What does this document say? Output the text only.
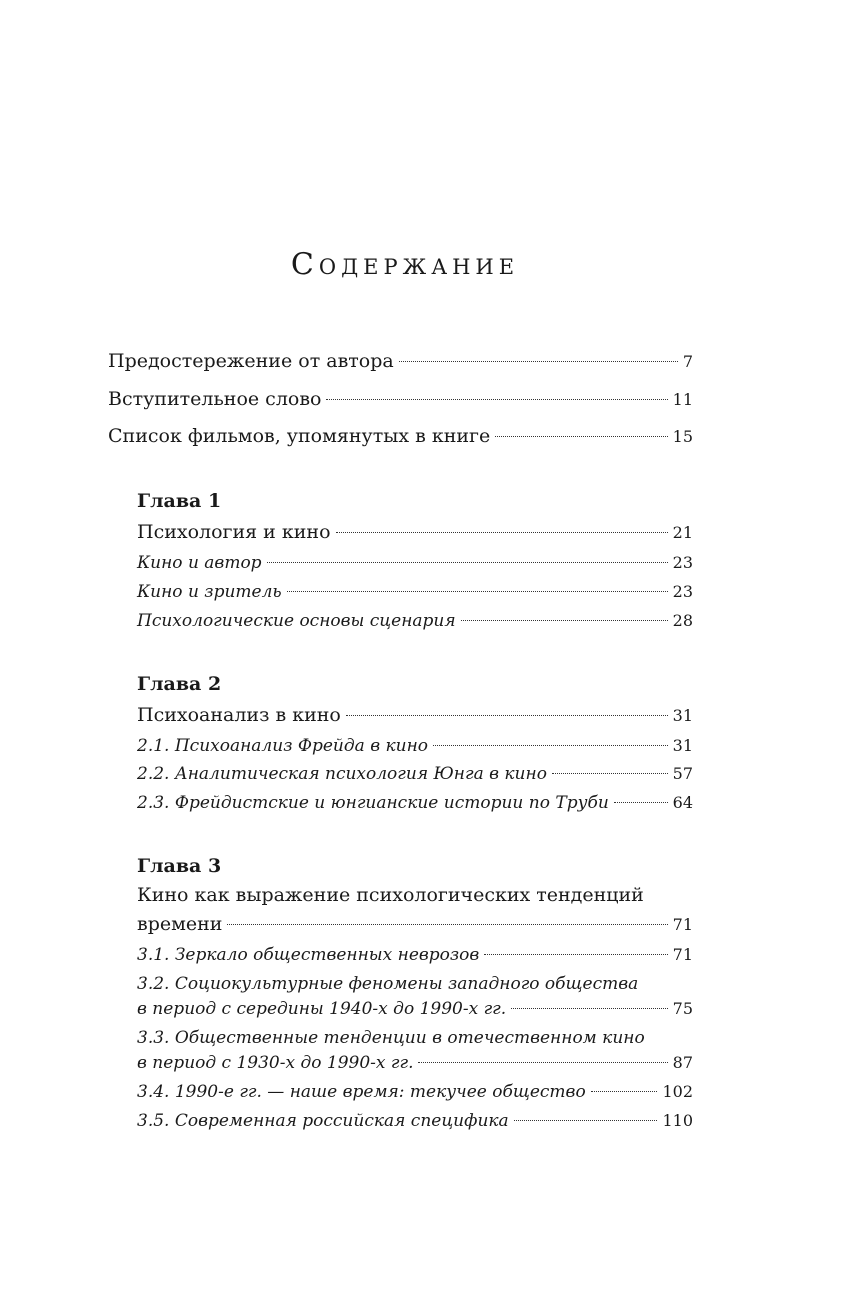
Содержание
Предостережение от автора	7
Вступительное слово	11
Список фильмов, упомянутых в книге	15
Глава 1
Психология и кино	21
Кино и автор	23
Кино и зритель	23
Психологические основы сценария	28
Глава 2
Психоанализ в кино	31
2.1. Психоанализ Фрейда в кино	31
2.2. Аналитическая психология Юнга в кино	57
2.3. Фрейдистские и юнгианские истории по Труби	64
Глава 3
Кино как выражение психологических тенденций
времени	71
3.1. Зеркало общественных неврозов	71
3.2. Социокультурные феномены западного общества
в период с середины 1940-х до 1990-х гг.	75
3.3. Общественные тенденции в отечественном кино
в период с 1930-х до 1990-х гг.	87
3.4. 1990-е гг. — наше время: текучее общество	102
3.5. Современная российская специфика	110
